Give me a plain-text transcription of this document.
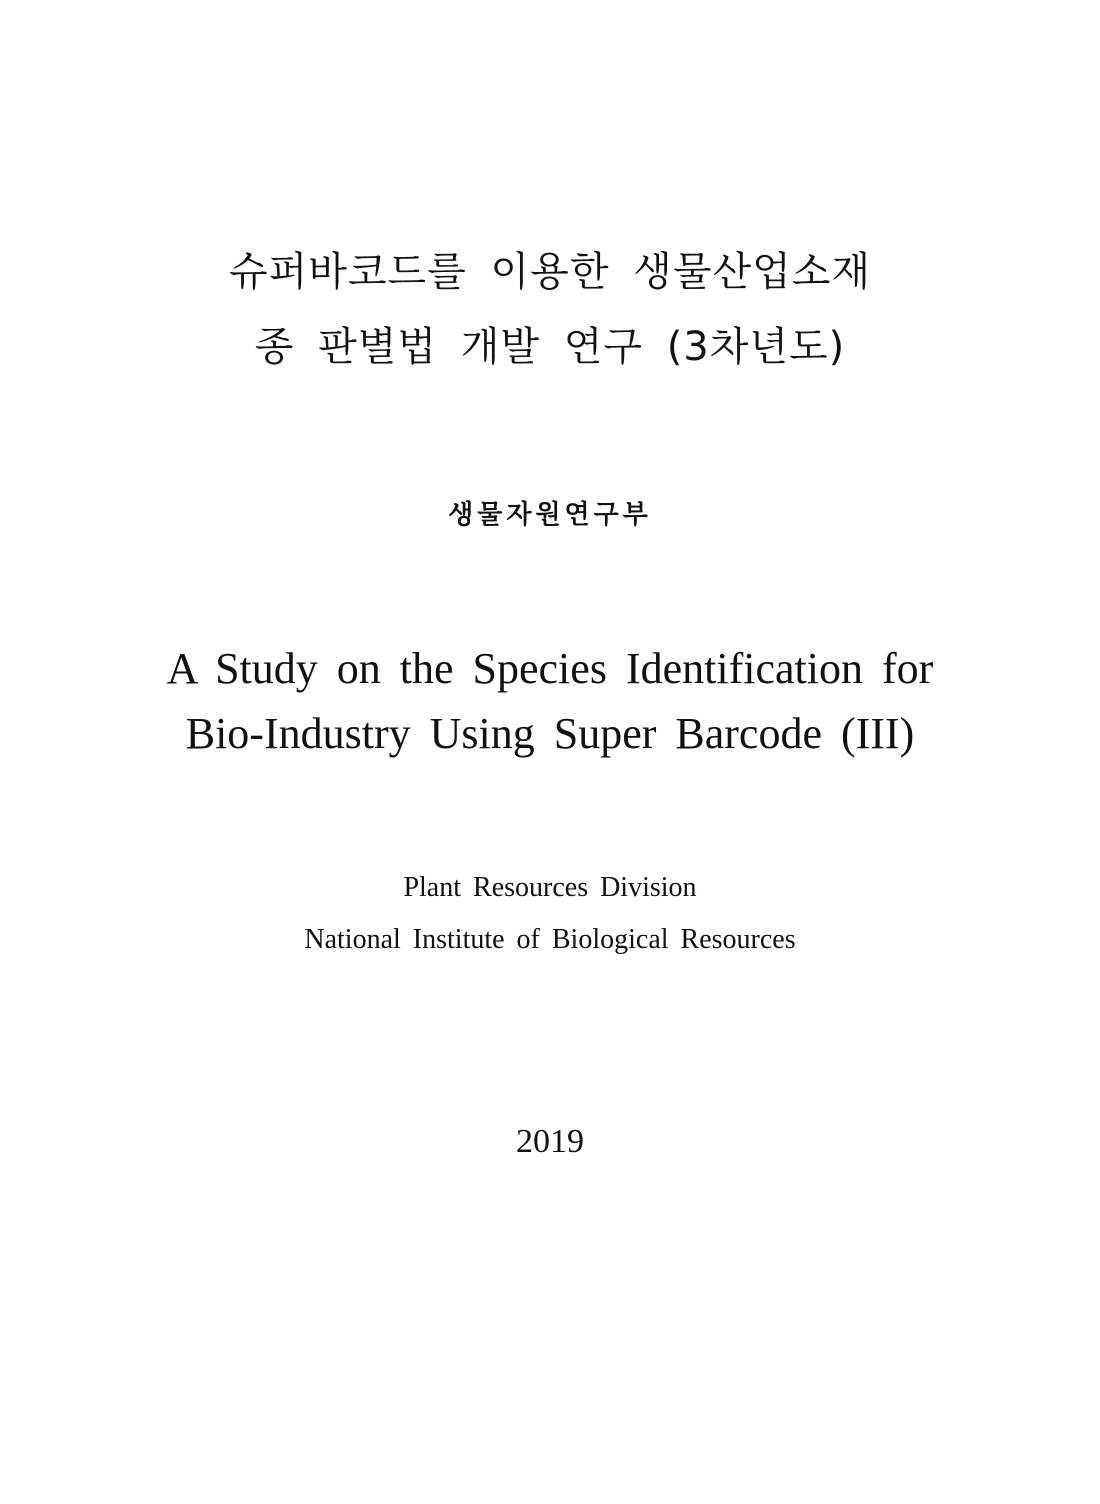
슈퍼바코드를 이용한 생물산업소재
종 판별법 개발 연구 (3차년도)
생물자원연구부
A Study on the Species Identification for
Bio-Industry Using Super Barcode (III)
Plant Resources Division
National Institute of Biological Resources
2019
